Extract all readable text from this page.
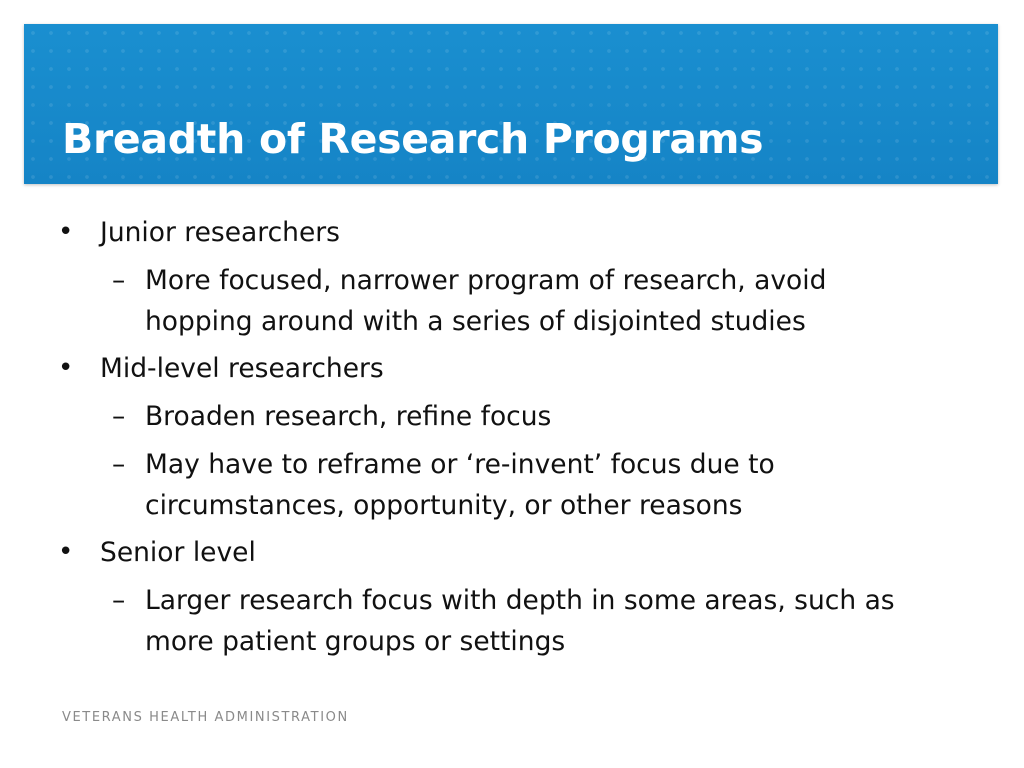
Breadth of Research Programs
• Junior researchers
– More focused, narrower program of research, avoid
hopping around with a series of disjointed studies
• Mid-level researchers
– Broaden research, refine focus
– May have to reframe or ‘re-invent’ focus due to
circumstances, opportunity, or other reasons
• Senior level
– Larger research focus with depth in some areas, such as
more patient groups or settings
VETERANS HEALTH ADMINISTRATION
